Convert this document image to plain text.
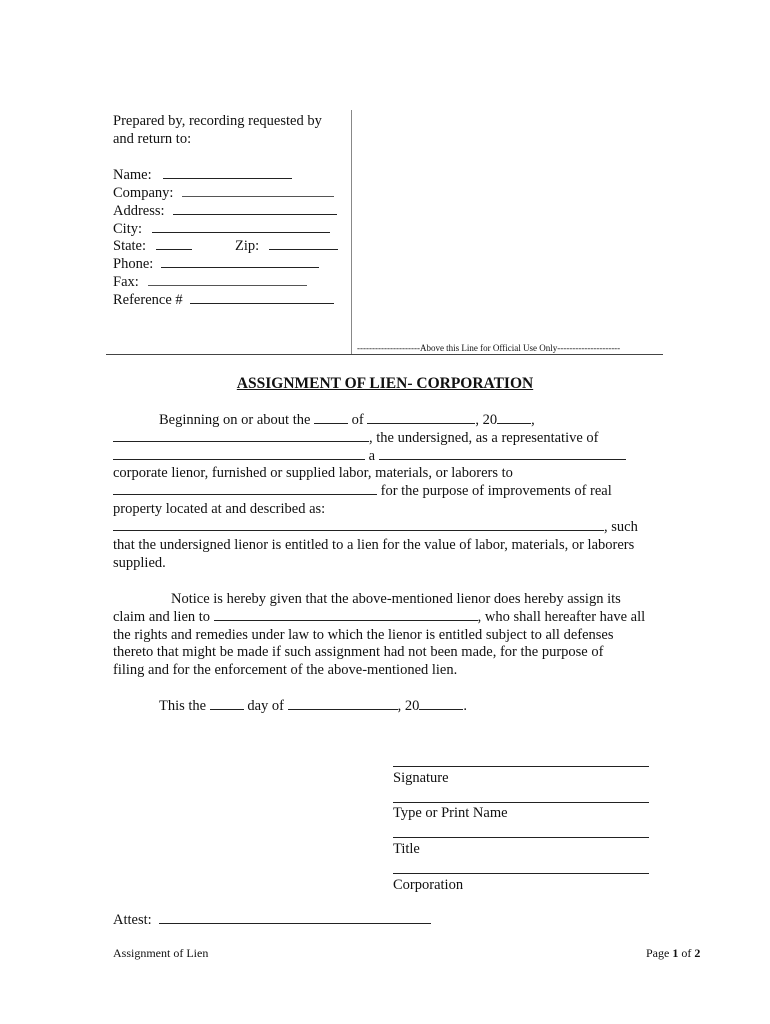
Prepared by, recording requested by
and return to:
Name:
Company:
Address:
City:
State:	Zip:
Phone:
Fax:
Reference #
---------------------Above this Line for Official Use Only---------------------
ASSIGNMENT OF LIEN- CORPORATION
Beginning on or about the	of	, 20 ,
, the undersigned, as a representative of
a
corporate lienor, furnished or supplied labor, materials, or laborers to
for the purpose of improvements of real
property located at and described as:
, such
that the undersigned lienor is entitled to a lien for the value of labor, materials, or laborers
supplied.
Notice is hereby given that the above-mentioned lienor does hereby assign its
claim and lien to	, who shall hereafter have all
the rights and remedies under law to which the lienor is entitled subject to all defenses
thereto that might be made if such assignment had not been made, for the purpose of
filing and for the enforcement of the above-mentioned lien.
This the	day of	, 20	.
Signature
Type or Print Name
Title
Corporation
Attest:
Assignment of Lien	Page 1 of 2
